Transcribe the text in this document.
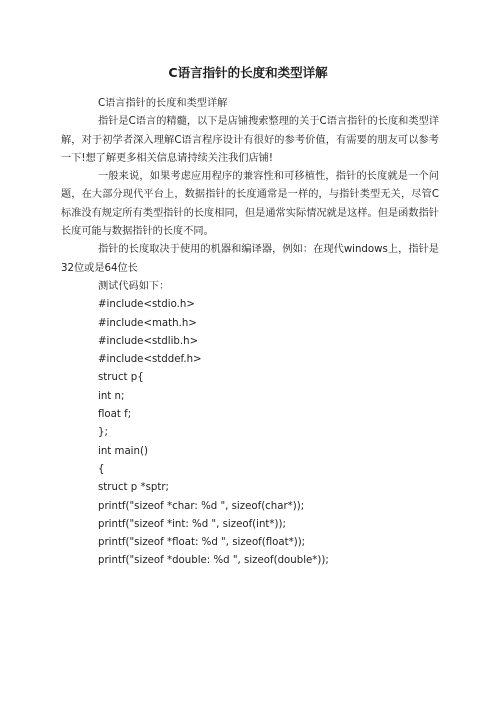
C语言指针的长度和类型详解

C语言指针的长度和类型详解

指针是C语言的精髓，以下是店铺搜索整理的关于C语言指针的长度和类型详解，对于初学者深入理解C语言程序设计有很好的参考价值，有需要的朋友可以参考一下!想了解更多相关信息请持续关注我们店铺!

一般来说，如果考虑应用程序的兼容性和可移植性，指针的长度就是一个问题，在大部分现代平台上，数据指针的长度通常是一样的，与指针类型无关，尽管C标准没有规定所有类型指针的长度相同，但是通常实际情况就是这样。但是函数指针长度可能与数据指针的长度不同。

指针的长度取决于使用的机器和编译器，例如：在现代windows上，指针是32位或是64位长

测试代码如下：

#include<stdio.h>
#include<math.h>
#include<stdlib.h>
#include<stddef.h>
struct p{
int n;
float f;
};
int main()
{
struct p *sptr;
printf("sizeof *char: %d ", sizeof(char*));
printf("sizeof *int: %d ", sizeof(int*));
printf("sizeof *float: %d ", sizeof(float*));
printf("sizeof *double: %d ", sizeof(double*));
